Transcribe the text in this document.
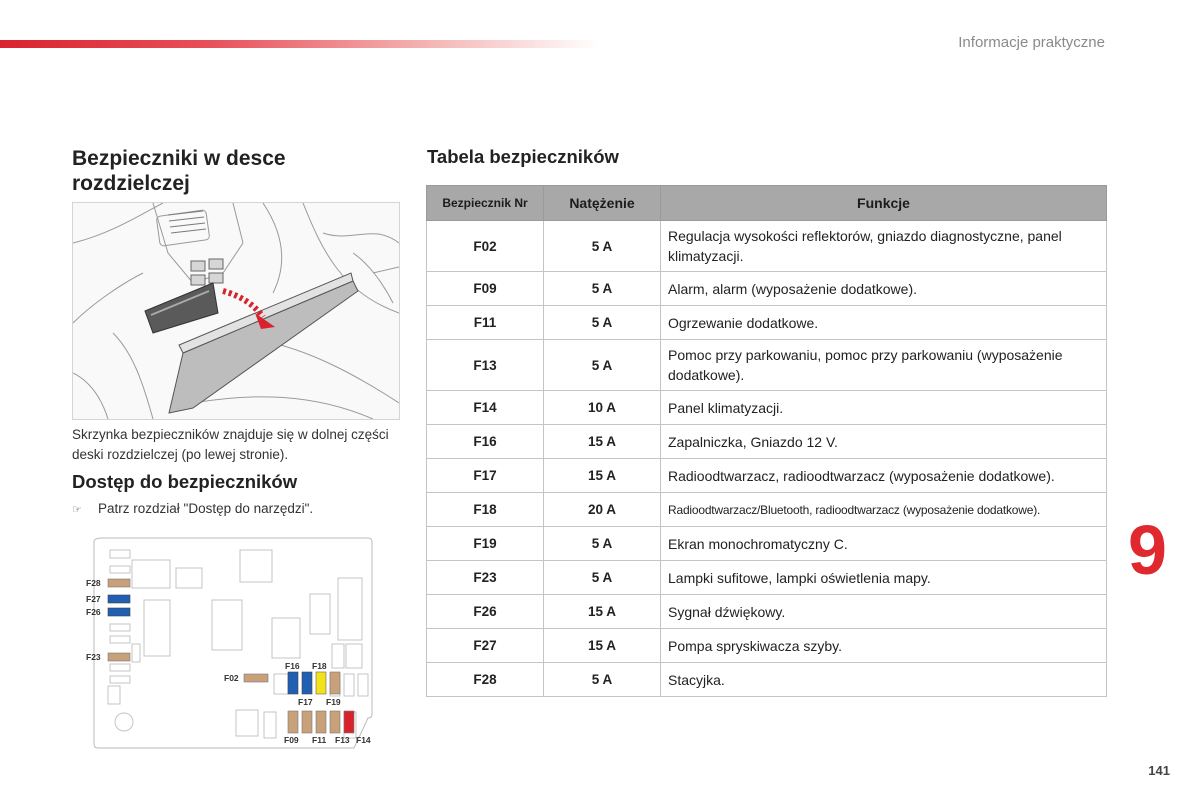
Informacje praktyczne
Bezpieczniki w desce
rozdzielczej
Skrzynka bezpieczników znajduje się w dolnej części deski rozdzielczej (po lewej stronie).
Dostęp do bezpieczników
☞ Patrz rozdział "Dostęp do narzędzi".
F28
F27
F26
F23
F02
F16 F18
F17 F19
F09 F11 F13 F14
Tabela bezpieczników
Bezpiecznik Nr	Natężenie	Funkcje
F02	5 A	Regulacja wysokości reflektorów, gniazdo diagnostyczne, panel klimatyzacji.
F09	5 A	Alarm, alarm (wyposażenie dodatkowe).
F11	5 A	Ogrzewanie dodatkowe.
F13	5 A	Pomoc przy parkowaniu, pomoc przy parkowaniu (wyposażenie dodatkowe).
F14	10 A	Panel klimatyzacji.
F16	15 A	Zapalniczka, Gniazdo 12 V.
F17	15 A	Radioodtwarzacz, radioodtwarzacz (wyposażenie dodatkowe).
F18	20 A	Radioodtwarzacz/Bluetooth, radioodtwarzacz (wyposażenie dodatkowe).
F19	5 A	Ekran monochromatyczny C.
F23	5 A	Lampki sufitowe, lampki oświetlenia mapy.
F26	15 A	Sygnał dźwiękowy.
F27	15 A	Pompa spryskiwacza szyby.
F28	5 A	Stacyjka.
9
141
